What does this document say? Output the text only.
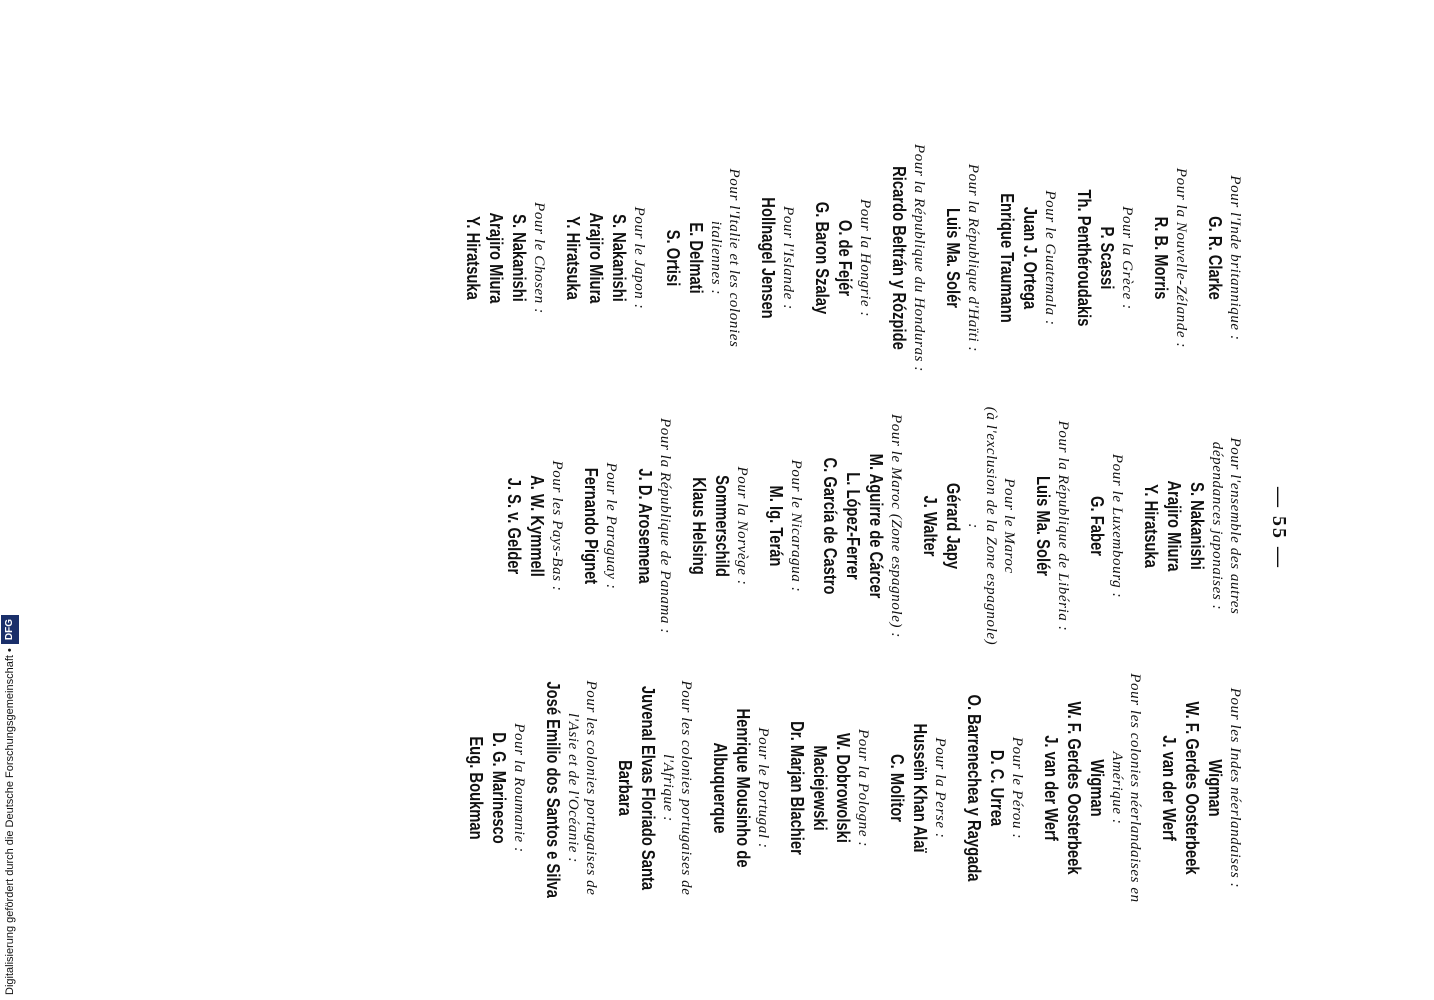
— 55 —
Pour l'Inde britannique :
G. R. Clarke
Pour la Nouvelle-Zélande :
R. B. Morris
Pour la Grèce :
P. Scassi
Th. Penthéroudakis
Pour le Guatemala :
Juan J. Ortega
Enrique Traumann
Pour la République d'Haïti :
Luis Ma. Solér
Pour la République du Honduras :
Ricardo Beltrán y Rózpide
Pour la Hongrie :
O. de Fejér
G. Baron Szalay
Pour l'Islande :
Hollnagel Jensen
Pour l'Italie et les colonies italiennes :
E. Delmati
S. Ortisi
Pour le Japon :
S. Nakanishi
Arajiro Miura
Y. Hiratsuka
Pour le Chosen :
S. Nakanishi
Arajiro Miura
Y. Hiratsuka
Pour l'ensemble des autres
dépendances japonaises :
S. Nakanishi
Arajiro Miura
Y. Hiratsuka
Pour le Luxembourg :
G. Faber
Pour la République de Libéria :
Luis Ma. Solér
Pour le Maroc
(à l'exclusion de la Zone espagnole) :
Gérard Japy
J. Walter
Pour le Maroc (Zone espagnole) :
M. Aguirre de Cárcer
L. López-Ferrer
C. García de Castro
Pour le Nicaragua :
M. Ig. Terán
Pour la Norvège :
Sommerschild
Klaus Helsing
Pour la République de Panama :
J. D. Arosemena
Pour le Paraguay :
Fernando Pignet
Pour les Pays-Bas :
A. W. Kymmell
J. S. v. Gelder
Pour les Indes néerlandaises :
Wigman
W. F. Gerdes Oosterbeek
J. van der Werf
Pour les colonies néerlandaises en
Amérique :
Wigman
W. F. Gerdes Oosterbeek
J. van der Werf
Pour le Pérou :
D. C. Urrea
O. Barrenechea y Raygada
Pour la Perse :
Husseïn Khan Alaï
C. Molitor
Pour la Pologne :
W. Dobrowolski
Maciejewski
Dr. Marjan Blachier
Pour le Portugal :
Henrique Mousinho de
Albuquerque
Pour les colonies portugaises de
l'Afrique :
Juvenal Elvas Floriado Santa
Barbara
Pour les colonies portugaises de
l'Asie et de l'Océanie :
José Emilio dos Santos e Silva
Pour la Roumanie :
D. G. Marinesco
Eug. Boukman
Digitalisierung gefördert durch die Deutsche Forschungsgemeinschaft •
DFG
